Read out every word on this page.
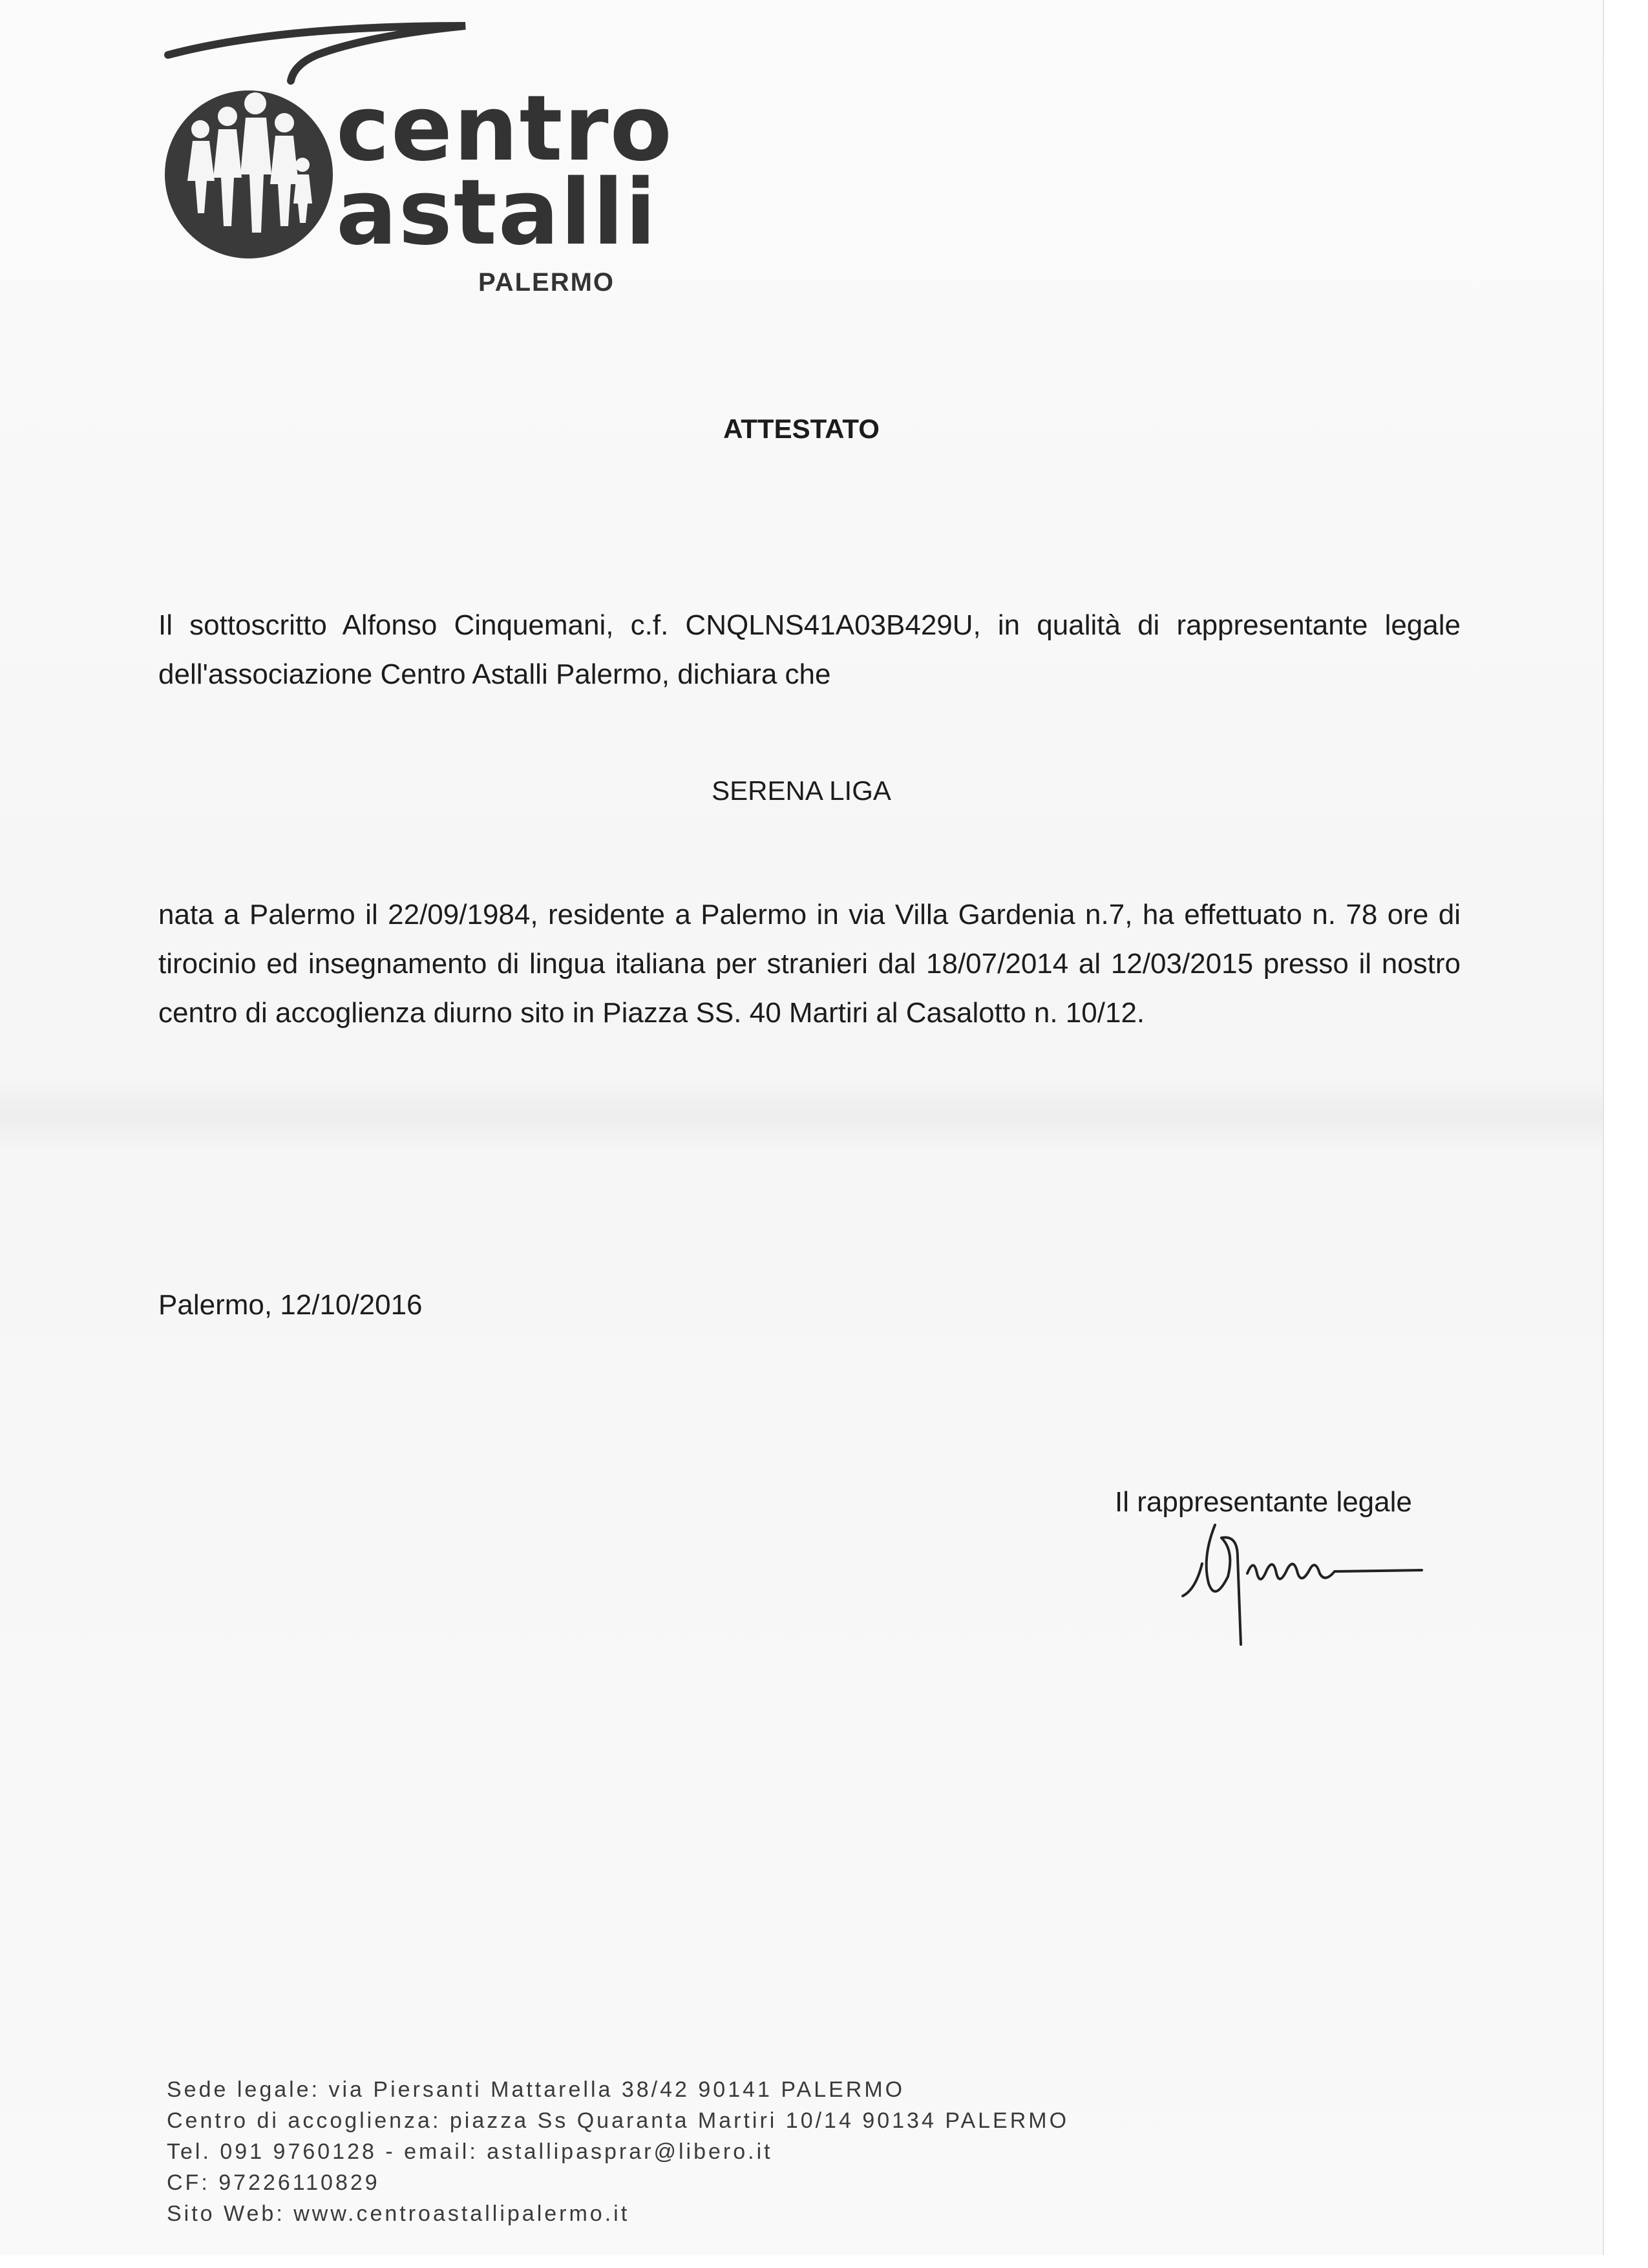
centro
astalli
PALERMO
ATTESTATO
Il sottoscritto Alfonso Cinquemani, c.f. CNQLNS41A03B429U, in qualità di rappresentante legale dell'associazione Centro Astalli Palermo, dichiara che
SERENA LIGA
nata a Palermo il 22/09/1984, residente a Palermo in via Villa Gardenia n.7, ha effettuato n. 78 ore di tirocinio ed insegnamento di lingua italiana per stranieri dal 18/07/2014 al 12/03/2015 presso il nostro centro di accoglienza diurno sito in Piazza SS. 40 Martiri al Casalotto n. 10/12.
Palermo, 12/10/2016
Il rappresentante legale
Sede legale: via Piersanti Mattarella 38/42 90141 PALERMO
Centro di accoglienza: piazza Ss Quaranta Martiri 10/14 90134 PALERMO
Tel. 091 9760128 - email: astallipasprar@libero.it
CF: 97226110829
Sito Web: www.centroastallipalermo.it
